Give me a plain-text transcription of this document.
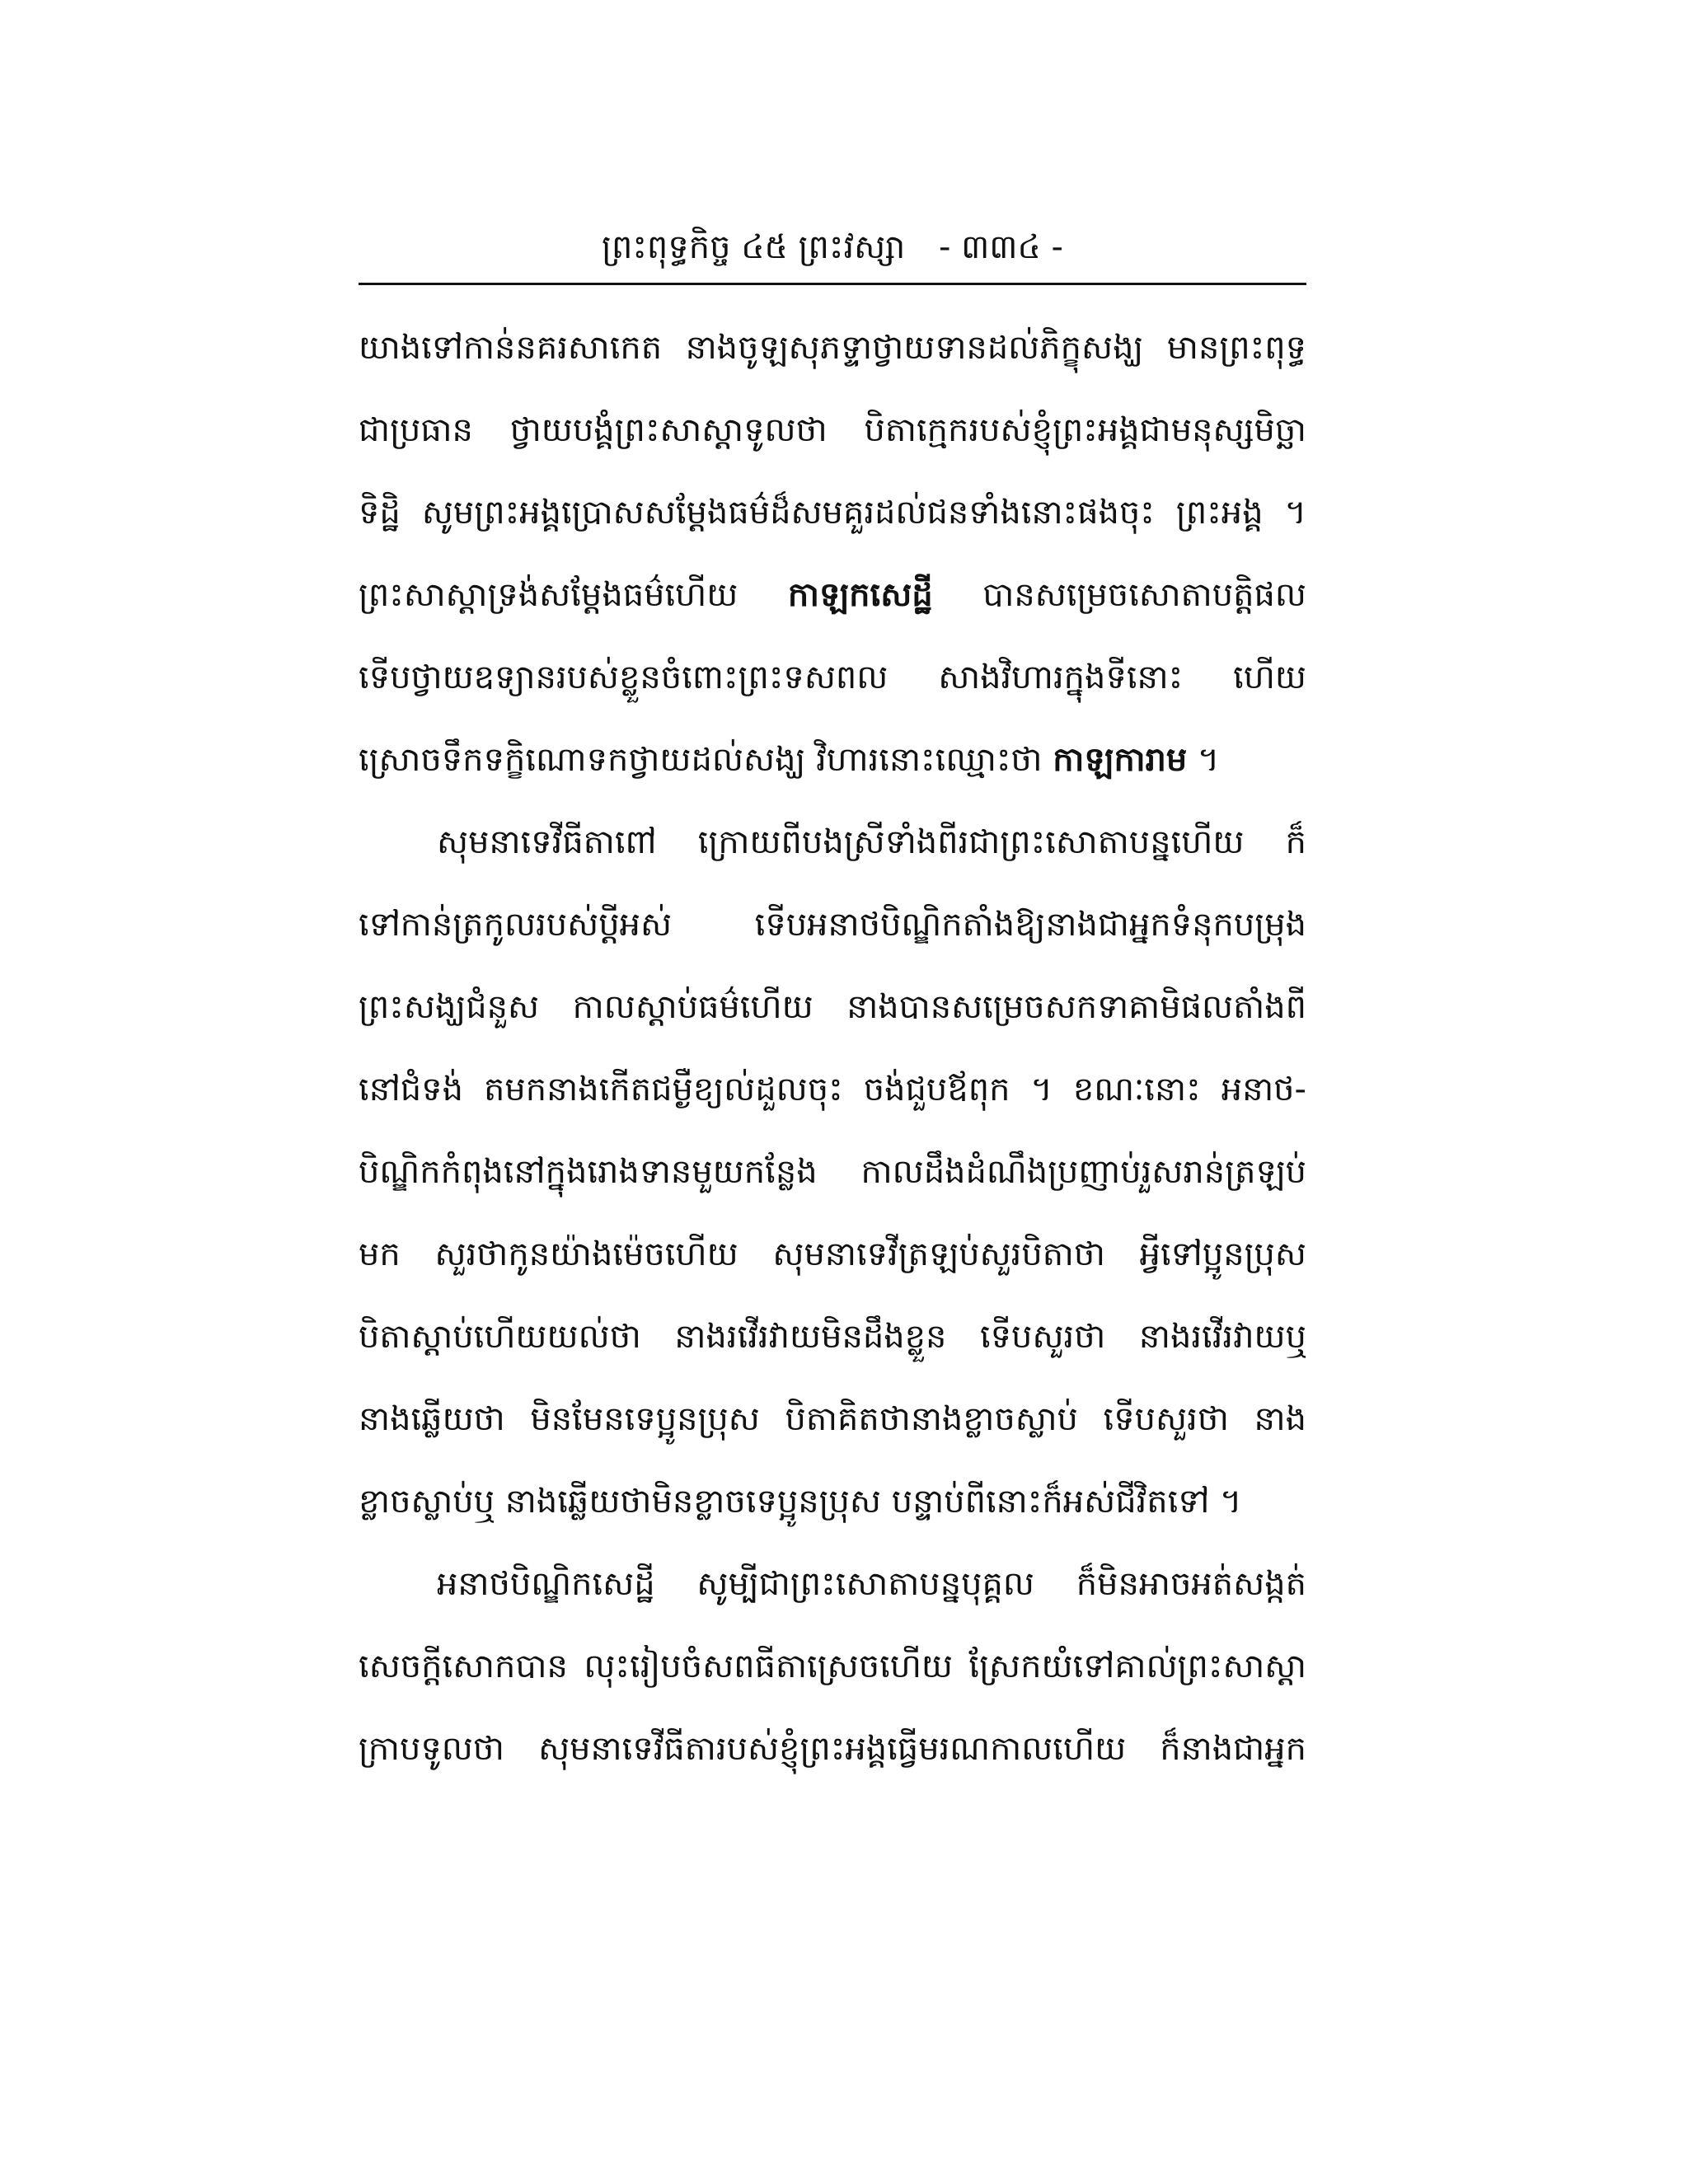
ព្រះពុទ្ធកិច្ច ៤៥ ព្រះវស្សា - ៣៣៤ -
យាងទៅកាន់នគរសាកេត នាងចូឡសុភទ្ទាថ្វាយទានដល់ភិក្ខុសង្ឃ មានព្រះពុទ្ធ
ជាប្រធាន ថ្វាយបង្គំព្រះសាស្តាទូលថា បិតាក្មេករបស់ខ្ញុំព្រះអង្គជាមនុស្សមិច្ឆា
ទិដ្ឋិ សូមព្រះអង្គប្រោសសម្ដែងធម៌ដ៏សមគួរដល់ជនទាំងនោះផងចុះ ព្រះអង្គ ។
ព្រះសាស្តាទ្រង់សម្ដែងធម៌ហើយ កាឡកសេដ្ឋី បានសម្រេចសោតាបត្តិផល
ទើបថ្វាយឧទ្យានរបស់ខ្លួនចំពោះព្រះទសពល សាងវិហារក្នុងទីនោះ ហើយ
ស្រោចទឹកទក្ខិណោទកថ្វាយដល់សង្ឃ វិហារនោះឈ្មោះថា កាឡការាម ។
សុមនាទេវីធីតាពៅ ក្រោយពីបងស្រីទាំងពីរជាព្រះសោតាបន្នហើយ ក៏
ទៅកាន់ត្រកូលរបស់ប្ដីអស់ ទើបអនាថបិណ្ឌិកតាំងឱ្យនាងជាអ្នកទំនុកបម្រុង
ព្រះសង្ឃជំនួស កាលស្ដាប់ធម៌ហើយ នាងបានសម្រេចសកទាគាមិផលតាំងពី
នៅជំទង់ តមកនាងកើតជម្ងឺខ្យល់ដួលចុះ ចង់ជួបឪពុក ។ ខណៈនោះ អនាថ-
បិណ្ឌិកកំពុងនៅក្នុងរោងទានមួយកន្លែង កាលដឹងដំណឹងប្រញាប់រួសរាន់ត្រឡប់
មក សួរថាកូនយ៉ាងម៉េចហើយ សុមនាទេវីត្រឡប់សួរបិតាថា អ្វីទៅប្អូនប្រុស
បិតាស្ដាប់ហើយយល់ថា នាងរវើរវាយមិនដឹងខ្លួន ទើបសួរថា នាងរវើរវាយឬ
នាងឆ្លើយថា មិនមែនទេប្អូនប្រុស បិតាគិតថានាងខ្លាចស្លាប់ ទើបសួរថា នាង
ខ្លាចស្លាប់ឬ នាងឆ្លើយថាមិនខ្លាចទេប្អូនប្រុស បន្ទាប់ពីនោះក៏អស់ជីវិតទៅ ។
អនាថបិណ្ឌិកសេដ្ឋី សូម្បីជាព្រះសោតាបន្នបុគ្គល ក៏មិនអាចអត់សង្កត់
សេចក្ដីសោកបាន លុះរៀបចំសពធីតាស្រេចហើយ ស្រែកយំទៅគាល់ព្រះសាស្តា
ក្រាបទូលថា សុមនាទេវីធីតារបស់ខ្ញុំព្រះអង្គធ្វើមរណកាលហើយ ក៏នាងជាអ្នក
